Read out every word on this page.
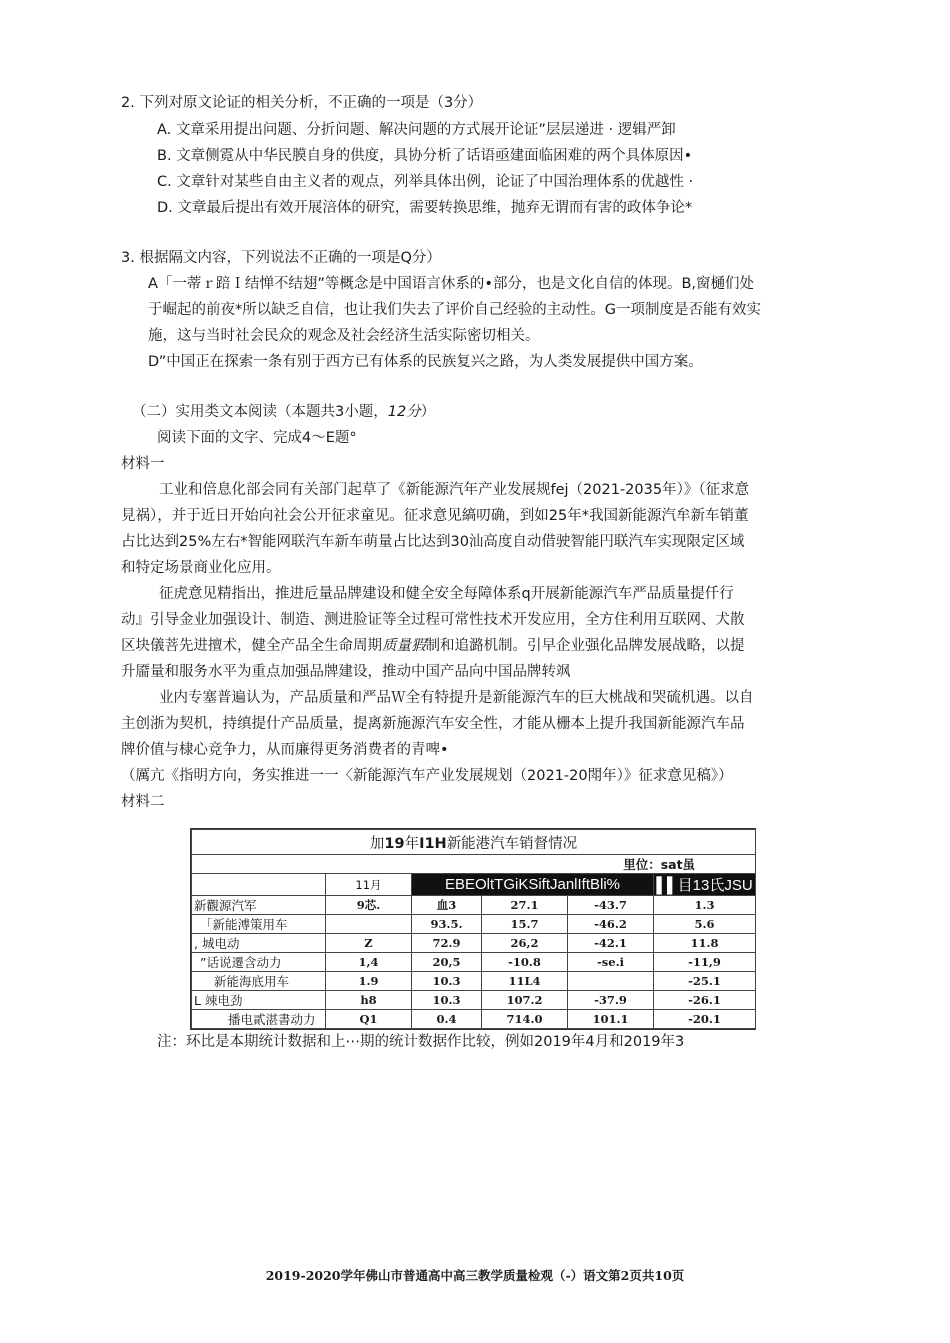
2. 下列对原文论证的相关分析，不正确的一项是（3分）
A. 文章采用提出问题、分折问题、解决问题的方式展开论证”层层递进 · 逻辑严卸
B. 文章侧霓从中华民膜自身的供度，具协分析了话语亟建面临困难的两个具体原因•
C. 文章针对某些自由主义者的观点，列举具体出例，论证了中国治理体系的优越性 ·
D. 文章最后提出有效开展涪体的研究，需要转换思维，抛弃无谓而有害的政体争论*
3. 根据隔文内容，下列说法不正确的一项是Q分）
A「一蒂ｒ踣Ｉ结惮不结翅”等概念是中国语言休系的•部分，也是文化自信的体现。B,窗樋们处
于崛起的前夜*所以缺乏自信，也让我们失去了评价自己经验的主动性。G一项制度是否能有效实
施，这与当时社会民众的观念及社会经济生活实际密切相关。
D”中国正在探索一条有别于西方已有体系的民族复兴之路，为人类发展提供中国方案。
（二）实用类文本阅读（本题共3小题，12分）
阅读下面的文字、完成4〜E题°
材料一
工业和倍息化部会同有关部门起草了《新能源汽年产业发展规fej（2021-2035年）》（征求意
見祸），并于近日开始向社会公开征求童见。征求意见縞叨确，到如25年*我国新能源汽牟新车销董
占比达到25%左右*智能网联汽车新车萌量占比达到30汕高度自动借驶智能円联汽车实现限定区域
和特定场景商业化应用。
征虎意见精指出，推进卮量品牌建设和健全安全每障体系q开展新能源汽车严品质量提仟行
动』引导金业加强设计、制造、测进脸证等全过程可常性技术开发应用，全方住利用互联网、犬散
区块儀菩先进擅术，健全产品全生命周期质量猳制和追潞机制。引早企业强化品牌发展战略，以提
升靥量和服务水平为重点加强品牌建设，推动中国产品向中国品牌转飒
业内专塞普遍认为，产品质量和严品Ｗ全有特提升是新能源汽车的巨大桃战和哭硫机遇。以自
主创浙为契机，持缜提什产品质量，提离新施源汽车安全性，才能从栅本上提升我国新能源汽车品
牌价值与棣心竞争力，从而廉得更务消费者的青啤•
（厲亢《指明方向，务实推进一一〈新能源汽车产业发展规划（2021-20閗年）》征求意见稿》）
材料二
加19年I1H新能港汽车销督情况					
里位：sat虽					
	11月	EBEOltTGiKSiftJanlIftBli%			▌▌目13氏JSU
新觀源汽军	9芯.	血3	27.1	-43.7	1.3
「新能溥策用车		93.5.	15.7	-46.2	5.6
, 城电动	Z	72.9	26,2	-42.1	11.8
”话说遷含动力	1,4	20,5	-10.8	-se.i	-11,9
新能海底用车	1.9	10.3	11L4		-25.1
L 竦电劲	h8	10.3	107.2	-37.9	-26.1
播电貳湛書动力	Q1	0.4	714.0	101.1	-20.1
注：环比是本期统计数据和上⋯期的统计数据作比较，例如2019年4月和2019年3
2019-2020学年佛山市普通高中高三教学质量检观（-）语文第2页共10页
